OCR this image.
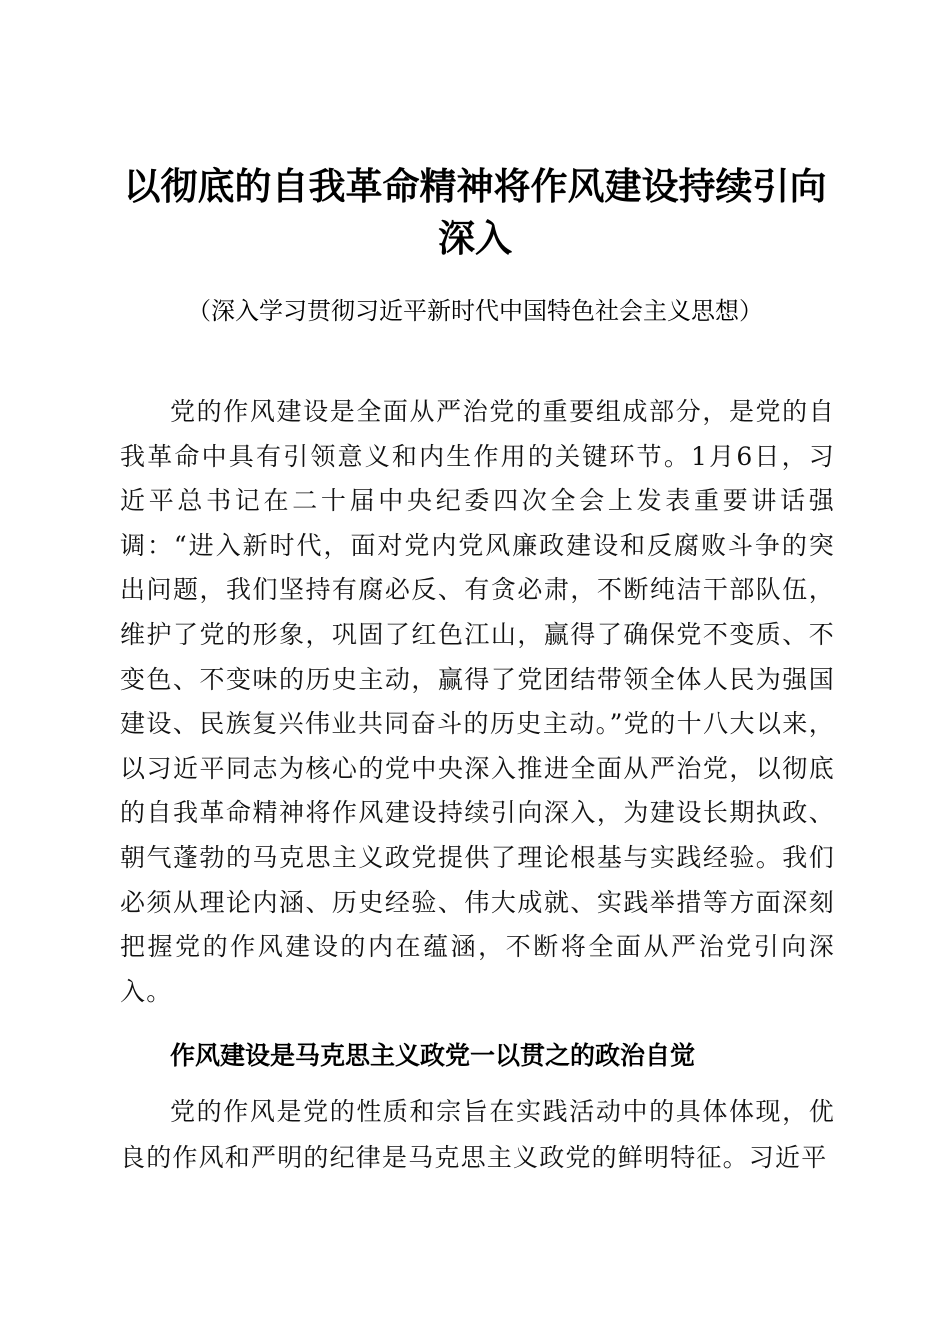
以彻底的自我革命精神将作风建设持续引向深入

（深入学习贯彻习近平新时代中国特色社会主义思想）

党的作风建设是全面从严治党的重要组成部分，是党的自我革命中具有引领意义和内生作用的关键环节。1月6日，习近平总书记在二十届中央纪委四次全会上发表重要讲话强调：“进入新时代，面对党内党风廉政建设和反腐败斗争的突出问题，我们坚持有腐必反、有贪必肃，不断纯洁干部队伍，维护了党的形象，巩固了红色江山，赢得了确保党不变质、不变色、不变味的历史主动，赢得了党团结带领全体人民为强国建设、民族复兴伟业共同奋斗的历史主动。”党的十八大以来，以习近平同志为核心的党中央深入推进全面从严治党，以彻底的自我革命精神将作风建设持续引向深入，为建设长期执政、朝气蓬勃的马克思主义政党提供了理论根基与实践经验。我们必须从理论内涵、历史经验、伟大成就、实践举措等方面深刻把握党的作风建设的内在蕴涵，不断将全面从严治党引向深入。

作风建设是马克思主义政党一以贯之的政治自觉

党的作风是党的性质和宗旨在实践活动中的具体体现，优良的作风和严明的纪律是马克思主义政党的鲜明特征。习近平
